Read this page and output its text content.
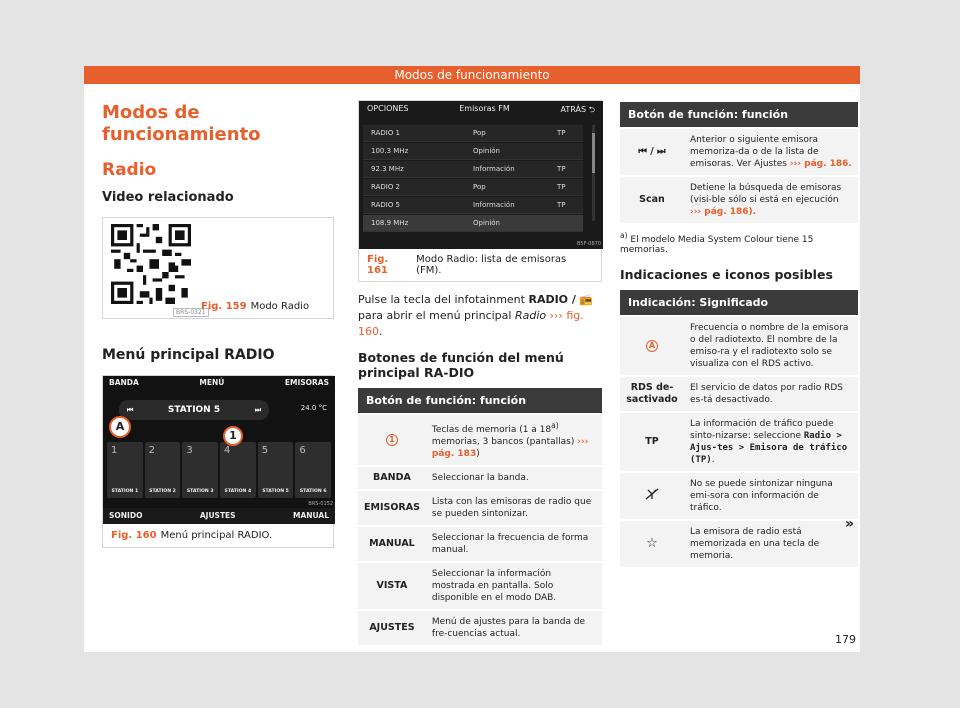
Modos de funcionamiento
Modos de funcionamiento
Radio
Video relacionado
BRS-0321
Fig. 159 Modo Radio
Menú principal RADIO
BANDA	MENÚ	EMISORAS
⏮	STATION 5	⏭	24.0 °C
1
STATION 1
2
STATION 2
3
STATION 3
4
STATION 4
5
STATION 5
6
STATION 6
A
1
BRS-0152
SONIDO	AJUSTES	MANUAL
Fig. 160 Menú principal RADIO.
OPCIONES	Emisoras FM	ATRÁS ⮌
RADIO 1	Pop	TP
100.3 MHz	Opinión
92.3 MHz	Información	TP
RADIO 2	Pop	TP
RADIO 5	Información	TP
108.9 MHz	Opinión
B5F-0870
Fig. 161
Modo Radio: lista de emisoras (FM).

Pulse la tecla del infotainment RADIO / 📻 para abrir el menú principal Radio ››› fig. 160.

Botones de función del menú principal RA-DIO
Botón de función: función	
1	Teclas de memoria (1 a 18$^{a)}$ memorias, 3 bancos (pantallas) ››› pág. 183)
BANDA	Seleccionar la banda.
EMISORAS	Lista con las emisoras de radio que se pueden sintonizar.
MANUAL	Seleccionar la frecuencia de forma manual.
VISTA	Seleccionar la información mostrada en pantalla. Solo disponible en el modo DAB.
AJUSTES	Menú de ajustes para la banda de fre-cuencias actual.
Botón de función: función	
⏮ / ⏭	Anterior o siguiente emisora memoriza-da o de la lista de emisoras. Ver Ajustes ››› pág. 186.
Scan	Detiene la búsqueda de emisoras (visi-ble sólo si está en ejecución ››› pág. 186).

$^{a)}$ El modelo Media System Colour tiene 15 memorias.

Indicaciones e iconos posibles
Indicación: Significado	
A	Frecuencia o nombre de la emisora o del radiotexto. El nombre de la emiso-ra y el radiotexto solo se visualiza con el RDS activo.
RDS de-sactivado	El servicio de datos por radio RDS es-tá desactivado.
TP	La información de tráfico puede sinto-nizarse: seleccione Radio > Ajus-tes > Emisora de tráfico (TP).
	No se puede sintonizar ninguna emi-sora con información de tráfico.
☆	La emisora de radio está memorizada en una tecla de memoria.
»
179
